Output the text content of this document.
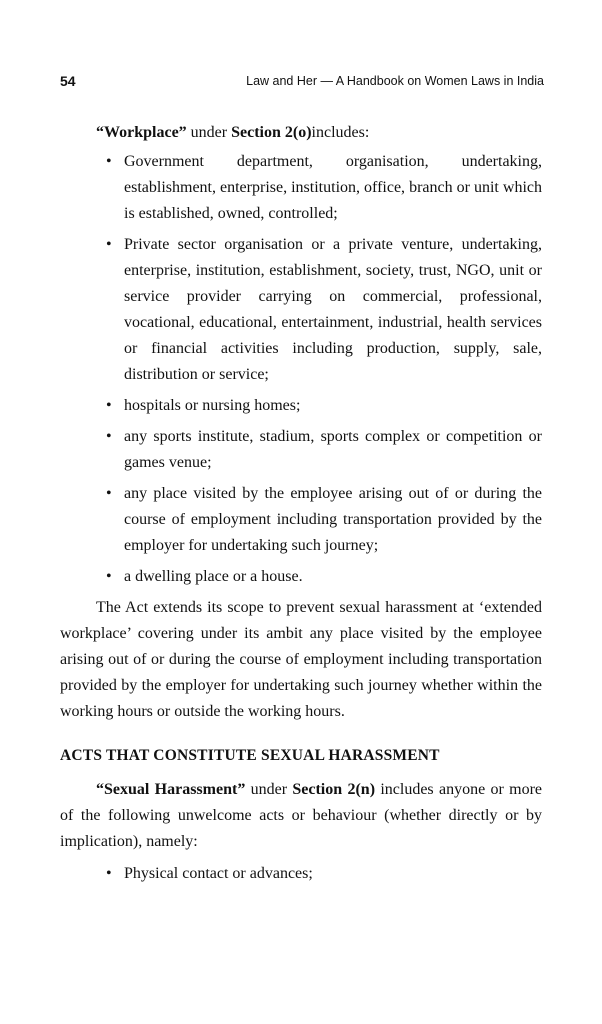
54	Law and Her — A Handbook on Women Laws in India

“Workplace” under Section 2(o)includes:

• Government department, organisation, undertaking, establishment, enterprise, institution, office, branch or unit which is established, owned, controlled;
• Private sector organisation or a private venture, undertaking, enterprise, institution, establishment, society, trust, NGO, unit or service provider carrying on commercial, professional, vocational, educational, entertainment, industrial, health services or financial activities including production, supply, sale, distribution or service;
• hospitals or nursing homes;
• any sports institute, stadium, sports complex or competition or games venue;
• any place visited by the employee arising out of or during the course of employment including transportation provided by the employer for undertaking such journey;
• a dwelling place or a house.

The Act extends its scope to prevent sexual harassment at ‘extended workplace’ covering under its ambit any place visited by the employee arising out of or during the course of employment including transportation provided by the employer for undertaking such journey whether within the working hours or outside the working hours.

ACTS THAT CONSTITUTE SEXUAL HARASSMENT

“Sexual Harassment” under Section 2(n) includes anyone or more of the following unwelcome acts or behaviour (whether directly or by implication), namely:

• Physical contact or advances;
